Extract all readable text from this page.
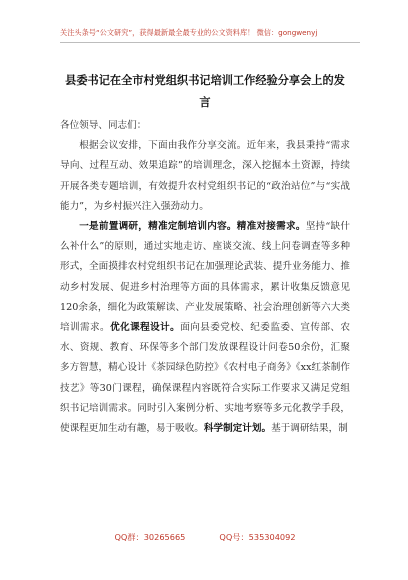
关注头条号“公文研究”，获得最新最全最专业的公文资料库！ 微信：gongwenyj
县委书记在全市村党组织书记培训工作经验分享会上的发言

各位领导、同志们：

根据会议安排，下面由我作分享交流。近年来，我县秉持“需求导向、过程互动、效果追踪”的培训理念，深入挖掘本土资源，持续开展各类专题培训，有效提升农村党组织书记的“政治站位”与“实战能力”，为乡村振兴注入强劲动力。

一是前置调研，精准定制培训内容。精准对接需求。坚持“缺什么补什么”的原则，通过实地走访、座谈交流、线上问卷调查等多种形式，全面摸排农村党组织书记在加强理论武装、提升业务能力、推动乡村发展、促进乡村治理等方面的具体需求，累计收集反馈意见120余条，细化为政策解读、产业发展策略、社会治理创新等六大类培训需求。优化课程设计。面向县委党校、纪委监委、宣传部、农水、资规、教育、环保等多个部门发放课程设计问卷50余份，汇聚多方智慧，精心设计《茶园绿色防控》《农村电子商务》《xx红茶制作技艺》等30门课程，确保课程内容既符合实际工作要求又满足党组织书记培训需求。同时引入案例分析、实地考察等多元化教学手段，使课程更加生动有趣，易于吸收。科学制定计划。基于调研结果，制

QQ群：30265665	QQ号：535304092
